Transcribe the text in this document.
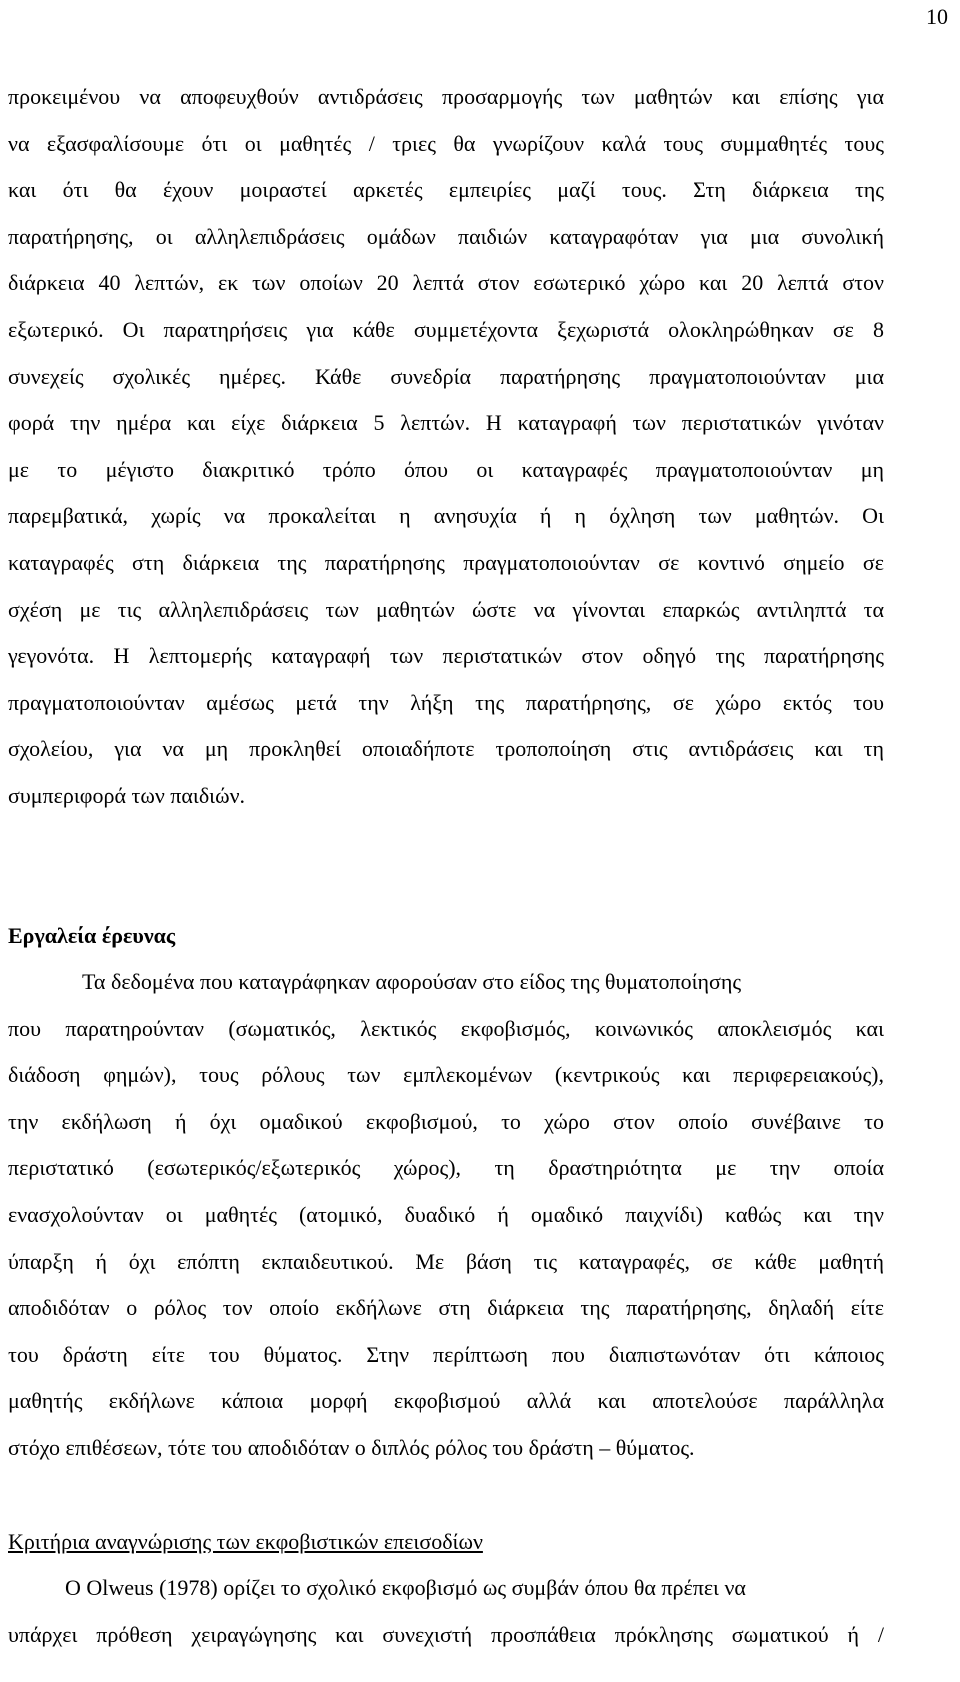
10
προκειμένου να αποφευχθούν αντιδράσεις προσαρμογής των μαθητών και επίσης για
να εξασφαλίσουμε ότι οι μαθητές / τριες θα γνωρίζουν καλά τους συμμαθητές τους
και ότι θα έχουν μοιραστεί αρκετές εμπειρίες μαζί τους. Στη διάρκεια της
παρατήρησης, οι αλληλεπιδράσεις ομάδων παιδιών καταγραφόταν για μια συνολική
διάρκεια 40 λεπτών, εκ των οποίων 20 λεπτά στον εσωτερικό χώρο και 20 λεπτά στον
εξωτερικό. Οι παρατηρήσεις για κάθε συμμετέχοντα ξεχωριστά ολοκληρώθηκαν σε 8
συνεχείς σχολικές ημέρες. Κάθε συνεδρία παρατήρησης πραγματοποιούνταν μια
φορά την ημέρα και είχε διάρκεια 5 λεπτών. Η καταγραφή των περιστατικών γινόταν
με το μέγιστο διακριτικό τρόπο όπου οι καταγραφές πραγματοποιούνταν μη
παρεμβατικά, χωρίς να προκαλείται η ανησυχία ή η όχληση των μαθητών. Οι
καταγραφές στη διάρκεια της παρατήρησης πραγματοποιούνταν σε κοντινό σημείο σε
σχέση με τις αλληλεπιδράσεις των μαθητών ώστε να γίνονται επαρκώς αντιληπτά τα
γεγονότα. Η λεπτομερής καταγραφή των περιστατικών στον οδηγό της παρατήρησης
πραγματοποιούνταν αμέσως μετά την λήξη της παρατήρησης, σε χώρο εκτός του
σχολείου, για να μη προκληθεί οποιαδήποτε τροποποίηση στις αντιδράσεις και τη
συμπεριφορά των παιδιών.
Εργαλεία έρευνας
Τα δεδομένα που καταγράφηκαν αφορούσαν στο είδος της θυματοποίησης
που παρατηρούνταν (σωματικός, λεκτικός εκφοβισμός, κοινωνικός αποκλεισμός και
διάδοση φημών), τους ρόλους των εμπλεκομένων (κεντρικούς και περιφερειακούς),
την εκδήλωση ή όχι ομαδικού εκφοβισμού, το χώρο στον οποίο συνέβαινε το
περιστατικό (εσωτερικός/εξωτερικός χώρος), τη δραστηριότητα με την οποία
ενασχολούνταν οι μαθητές (ατομικό, δυαδικό ή ομαδικό παιχνίδι) καθώς και την
ύπαρξη ή όχι επόπτη εκπαιδευτικού. Με βάση τις καταγραφές, σε κάθε μαθητή
αποδιδόταν ο ρόλος τον οποίο εκδήλωνε στη διάρκεια της παρατήρησης, δηλαδή είτε
του δράστη είτε του θύματος. Στην περίπτωση που διαπιστωνόταν ότι κάποιος
μαθητής εκδήλωνε κάποια μορφή εκφοβισμού αλλά και αποτελούσε παράλληλα
στόχο επιθέσεων, τότε του αποδιδόταν ο διπλός ρόλος του δράστη – θύματος.
Κριτήρια αναγνώρισης των εκφοβιστικών επεισοδίων
Ο Olweus (1978) ορίζει το σχολικό εκφοβισμό ως συμβάν όπου θα πρέπει να
υπάρχει πρόθεση χειραγώγησης και συνεχιστή προσπάθεια πρόκλησης σωματικού ή /
